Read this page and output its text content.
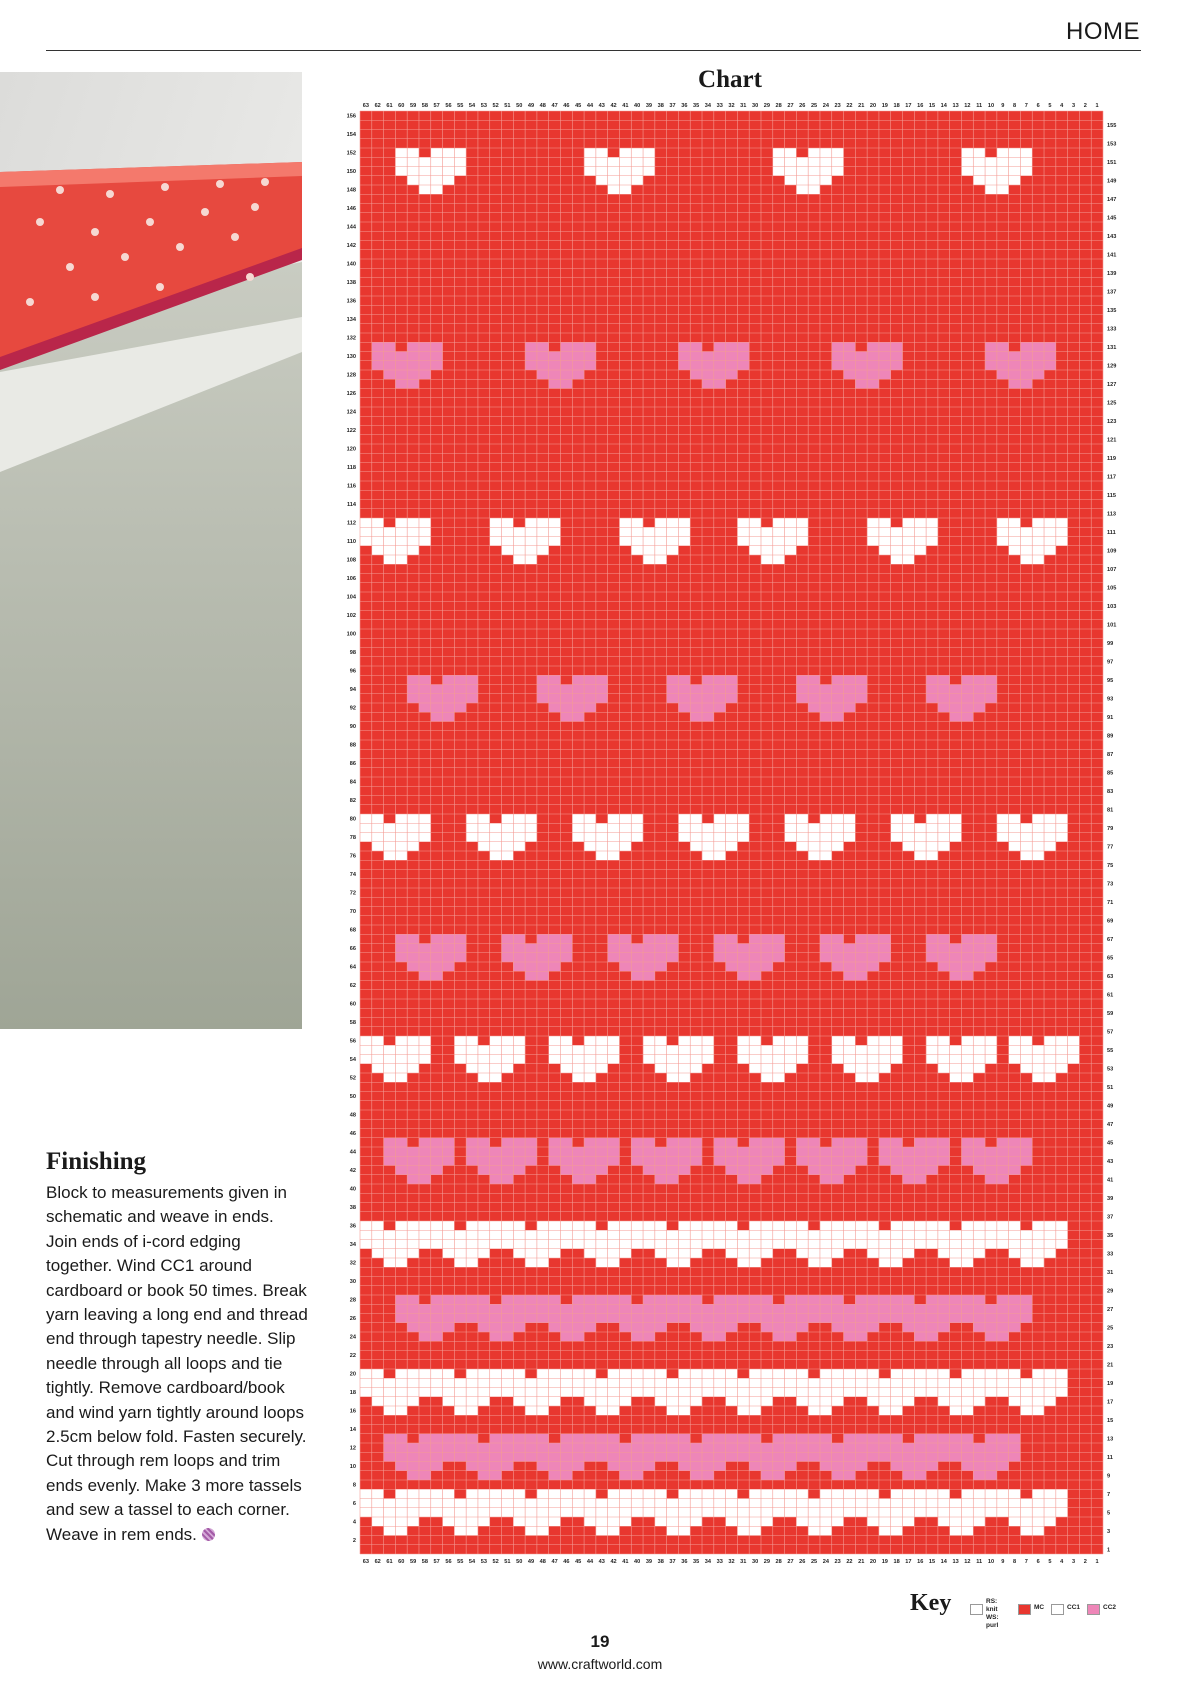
HOME
Finishing

Block to measurements given in schematic and weave in ends. Join ends of i-cord edging together. Wind CC1 around cardboard or book 50 times. Break yarn leaving a long end and thread end through tapestry needle. Slip needle through all loops and tie tightly. Remove cardboard/book and wind yarn tightly around loops 2.5cm below fold. Fasten securely. Cut through rem loops and trim ends evenly. Make 3 more tassels and sew a tassel to each corner. Weave in rem ends.

Chart
1
1
2
2
3
3
4
4
5
5
6
6
7
7
8
8
9
9
10
10
11
11
12
12
13
13
14
14
15
15
16
16
17
17
18
18
19
19
20
20
21
21
22
22
23
23
24
24
25
25
26
26
27
27
28
28
29
29
30
30
31
31
32
32
33
33
34
34
35
35
36
36
37
37
38
38
39
39
40
40
41
41
42
42
43
43
44
44
45
45
46
46
47
47
48
48
49
49
50
50
51
51
52
52
53
53
54
54
55
55
56
56
57
57
58
58
59
59
60
60
61
61
62
62
63
63
1
2
3
4
5
6
7
8
9
10
11
12
13
14
15
16
17
18
19
20
21
22
23
24
25
26
27
28
29
30
31
32
33
34
35
36
37
38
39
40
41
42
43
44
45
46
47
48
49
50
51
52
53
54
55
56
57
58
59
60
61
62
63
64
65
66
67
68
69
70
71
72
73
74
75
76
77
78
79
80
81
82
83
84
85
86
87
88
89
90
91
92
93
94
95
96
97
98
99
100
101
102
103
104
105
106
107
108
109
110
111
112
113
114
115
116
117
118
119
120
121
122
123
124
125
126
127
128
129
130
131
132
133
134
135
136
137
138
139
140
141
142
143
144
145
146
147
148
149
150
151
152
153
154
155
156
Key	RS: knit
WS: purl
MC	CC1	CC2
19
www.craftworld.com
